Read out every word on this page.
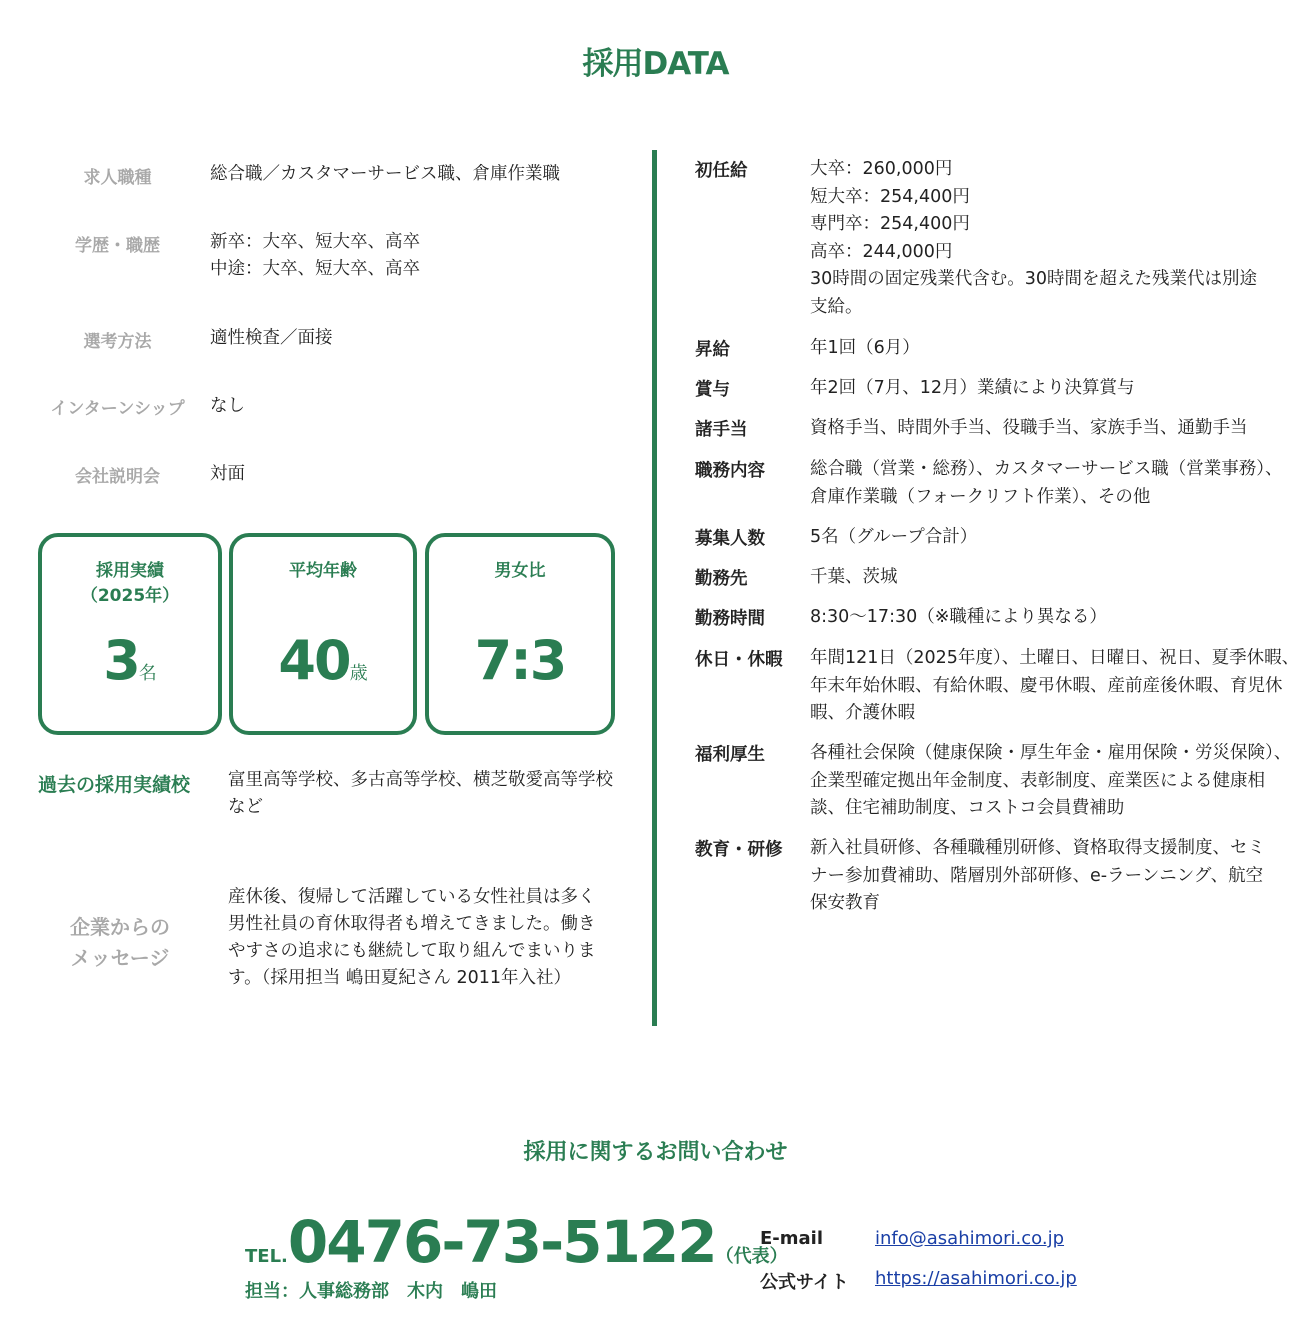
採用DATA
求人職種	総合職／カスタマーサービス職、倉庫作業職
学歴・職歴	新卒：大卒、短大卒、高卒
中途：大卒、短大卒、高卒
選考方法	適性検査／面接
インターンシップ	なし
会社説明会	対面
採用実績
（2025年）
3名
平均年齢
40歳
男女比
7:3
過去の採用実績校 富里高等学校、多古高等学校、横芝敬愛高等学校
など
企業からの
メッセージ
産休後、復帰して活躍している女性社員は多く
男性社員の育休取得者も増えてきました。働き
やすさの追求にも継続して取り組んでまいりま
す。（採用担当 嶋田夏紀さん 2011年入社）
初任給	大卒：260,000円
短大卒：254,400円
専門卒：254,400円
高卒：244,000円
30時間の固定残業代含む。30時間を超えた残業代は別途
支給。
昇給	年1回（6月）
賞与	年2回（7月、12月）業績により決算賞与
諸手当	資格手当、時間外手当、役職手当、家族手当、通勤手当
職務内容	総合職（営業・総務）、カスタマーサービス職（営業事務）、
倉庫作業職（フォークリフト作業）、その他
募集人数	5名（グループ合計）
勤務先	千葉、茨城
勤務時間	8:30〜17:30（※職種により異なる）
休日・休暇	年間121日（2025年度）、土曜日、日曜日、祝日、夏季休暇、
年末年始休暇、有給休暇、慶弔休暇、産前産後休暇、育児休
暇、介護休暇
福利厚生	各種社会保険（健康保険・厚生年金・雇用保険・労災保険）、
企業型確定拠出年金制度、表彰制度、産業医による健康相
談、住宅補助制度、コストコ会員費補助
教育・研修	新入社員研修、各種職種別研修、資格取得支援制度、セミ
ナー参加費補助、階層別外部研修、e-ラーンニング、航空
保安教育
採用に関するお問い合わせ
TEL.0476-73-5122（代表）
担当：人事総務部　木内　嶋田
E-mail	info@asahimori.co.jp
公式サイト https://asahimori.co.jp
